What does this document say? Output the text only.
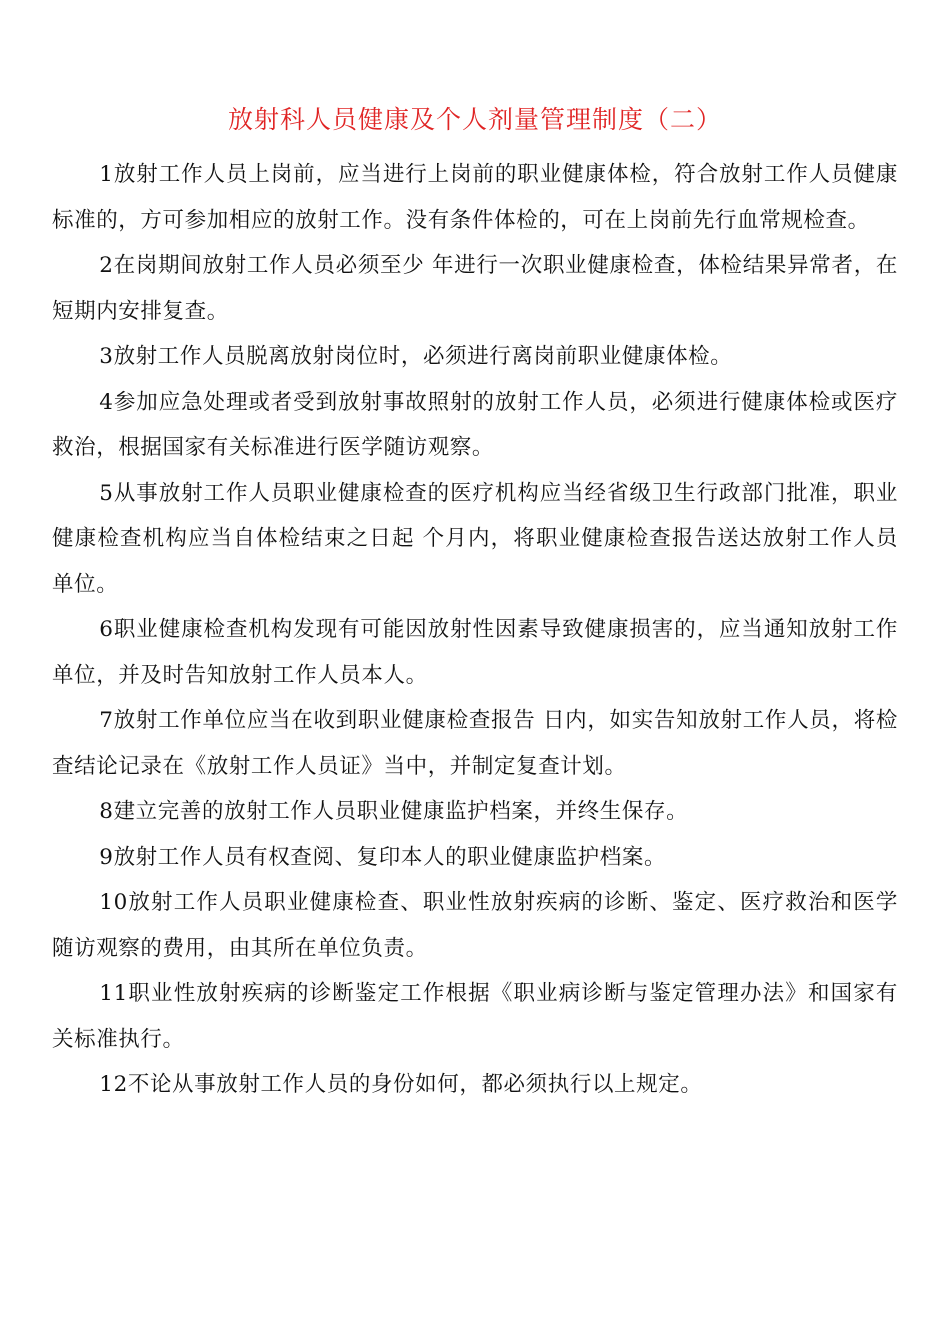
放射科人员健康及个人剂量管理制度（二）

1放射工作人员上岗前，应当进行上岗前的职业健康体检，符合放射工作人员健康标准的，方可参加相应的放射工作。没有条件体检的，可在上岗前先行血常规检查。

2在岗期间放射工作人员必须至少 年进行一次职业健康检查，体检结果异常者，在短期内安排复查。

3放射工作人员脱离放射岗位时，必须进行离岗前职业健康体检。

4参加应急处理或者受到放射事故照射的放射工作人员，必须进行健康体检或医疗救治，根据国家有关标准进行医学随访观察。

5从事放射工作人员职业健康检查的医疗机构应当经省级卫生行政部门批准，职业健康检查机构应当自体检结束之日起 个月内，将职业健康检查报告送达放射工作人员单位。

6职业健康检查机构发现有可能因放射性因素导致健康损害的，应当通知放射工作单位，并及时告知放射工作人员本人。

7放射工作单位应当在收到职业健康检查报告 日内，如实告知放射工作人员，将检查结论记录在《放射工作人员证》当中，并制定复查计划。

8建立完善的放射工作人员职业健康监护档案，并终生保存。

9放射工作人员有权查阅、复印本人的职业健康监护档案。

10放射工作人员职业健康检查、职业性放射疾病的诊断、鉴定、医疗救治和医学随访观察的费用，由其所在单位负责。

11职业性放射疾病的诊断鉴定工作根据《职业病诊断与鉴定管理办法》和国家有关标准执行。

12不论从事放射工作人员的身份如何，都必须执行以上规定。
